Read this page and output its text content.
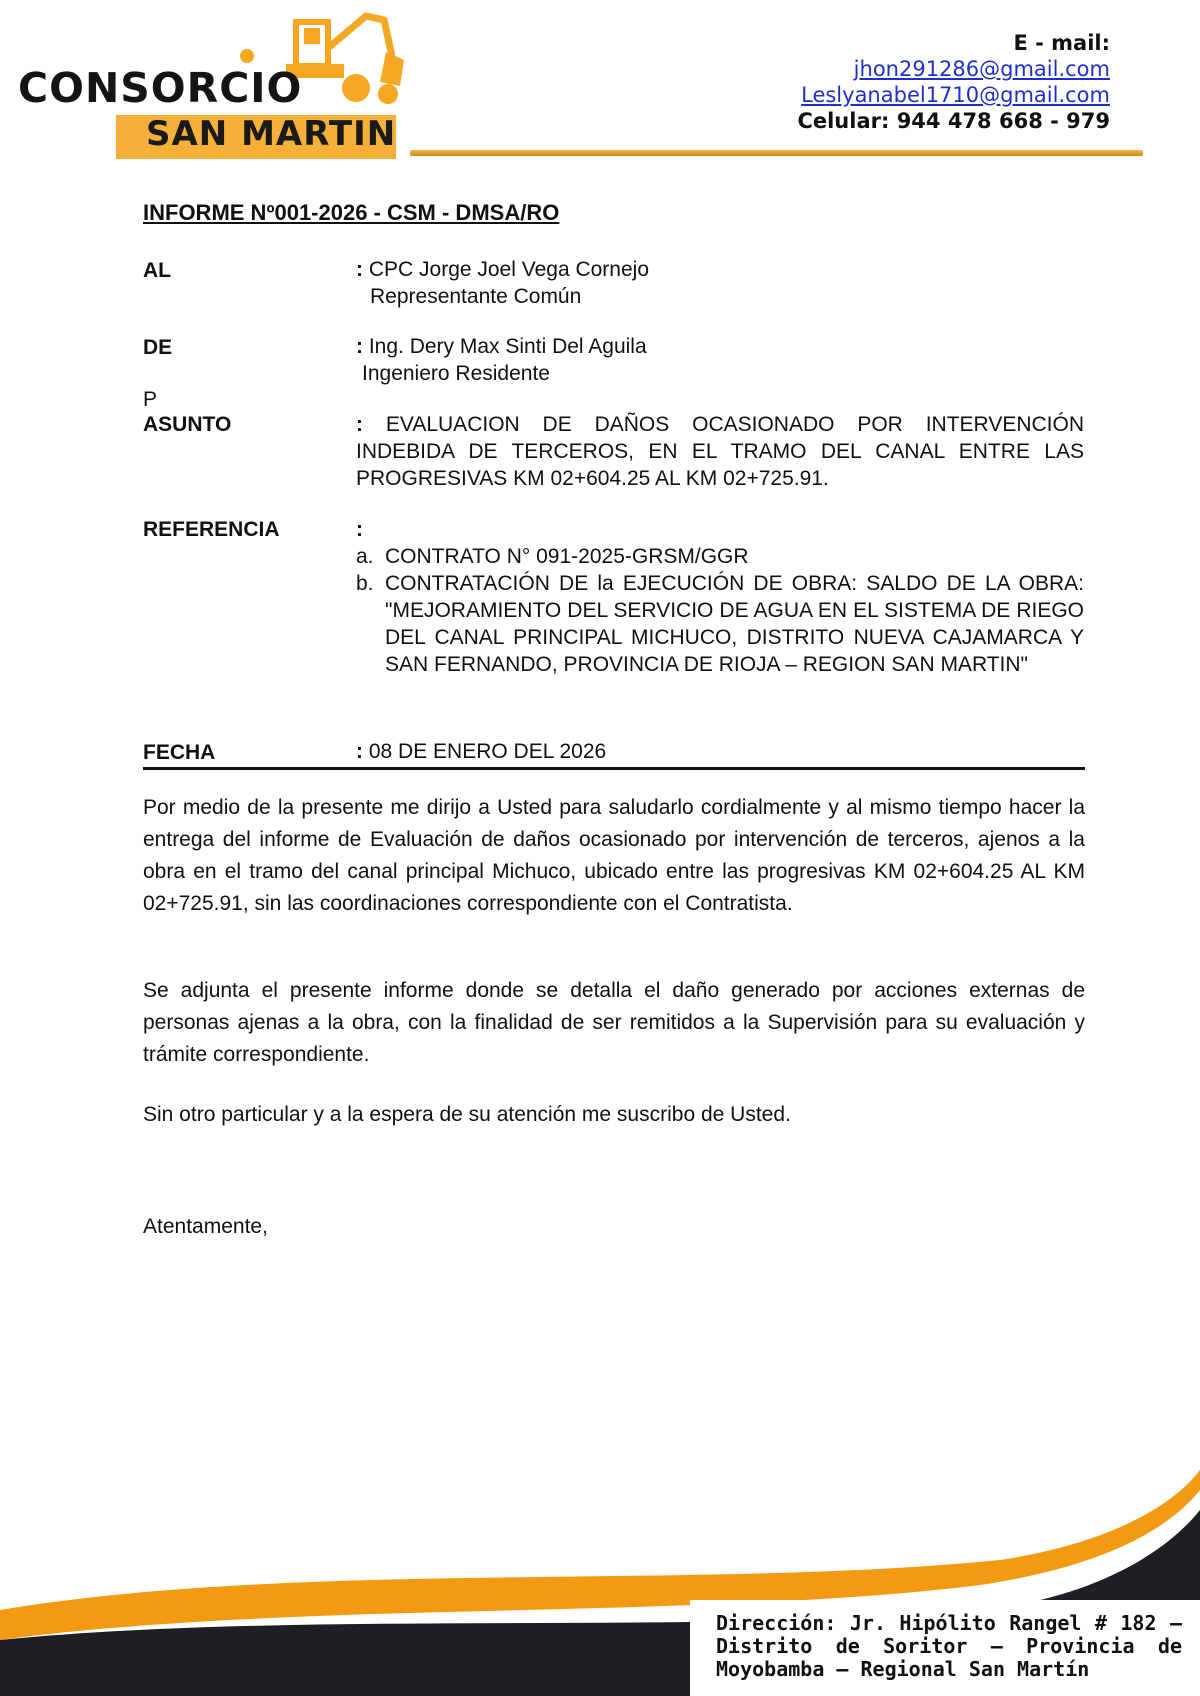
CONSORCIO
SAN MARTIN
E - mail:
jhon291286@gmail.com
Leslyanabel1710@gmail.com
Celular: 944 478 668 - 979
INFORME Nº001-2026 - CSM - DMSA/RO
AL	: CPC Jorge Joel Vega Cornejo
Representante Común
DE	: Ing. Dery Max Sinti Del Aguila
Ingeniero Residente
P
ASUNTO	: EVALUACION DE DAÑOS OCASIONADO POR INTERVENCIÓN INDEBIDA DE TERCEROS, EN EL TRAMO DEL CANAL ENTRE LAS PROGRESIVAS KM 02+604.25 AL KM 02+725.91.
REFERENCIA	:
a. CONTRATO N° 091-2025-GRSM/GGR
b. CONTRATACIÓN DE la EJECUCIÓN DE OBRA: SALDO DE LA OBRA: "MEJORAMIENTO DEL SERVICIO DE AGUA EN EL SISTEMA DE RIEGO DEL CANAL PRINCIPAL MICHUCO, DISTRITO NUEVA CAJAMARCA Y SAN FERNANDO, PROVINCIA DE RIOJA – REGION SAN MARTIN"
FECHA	: 08 DE ENERO DEL 2026
Por medio de la presente me dirijo a Usted para saludarlo cordialmente y al mismo tiempo hacer la entrega del informe de Evaluación de daños ocasionado por intervención de terceros, ajenos a la obra en el tramo del canal principal Michuco, ubicado entre las progresivas KM 02+604.25 AL KM 02+725.91, sin las coordinaciones correspondiente con el Contratista.
Se adjunta el presente informe donde se detalla el daño generado por acciones externas de personas ajenas a la obra, con la finalidad de ser remitidos a la Supervisión para su evaluación y trámite correspondiente.
Sin otro particular y a la espera de su atención me suscribo de Usted.
Atentamente,
Dirección: Jr. Hipólito Rangel # 182 – Distrito de Soritor – Provincia de Moyobamba – Regional San Martín
